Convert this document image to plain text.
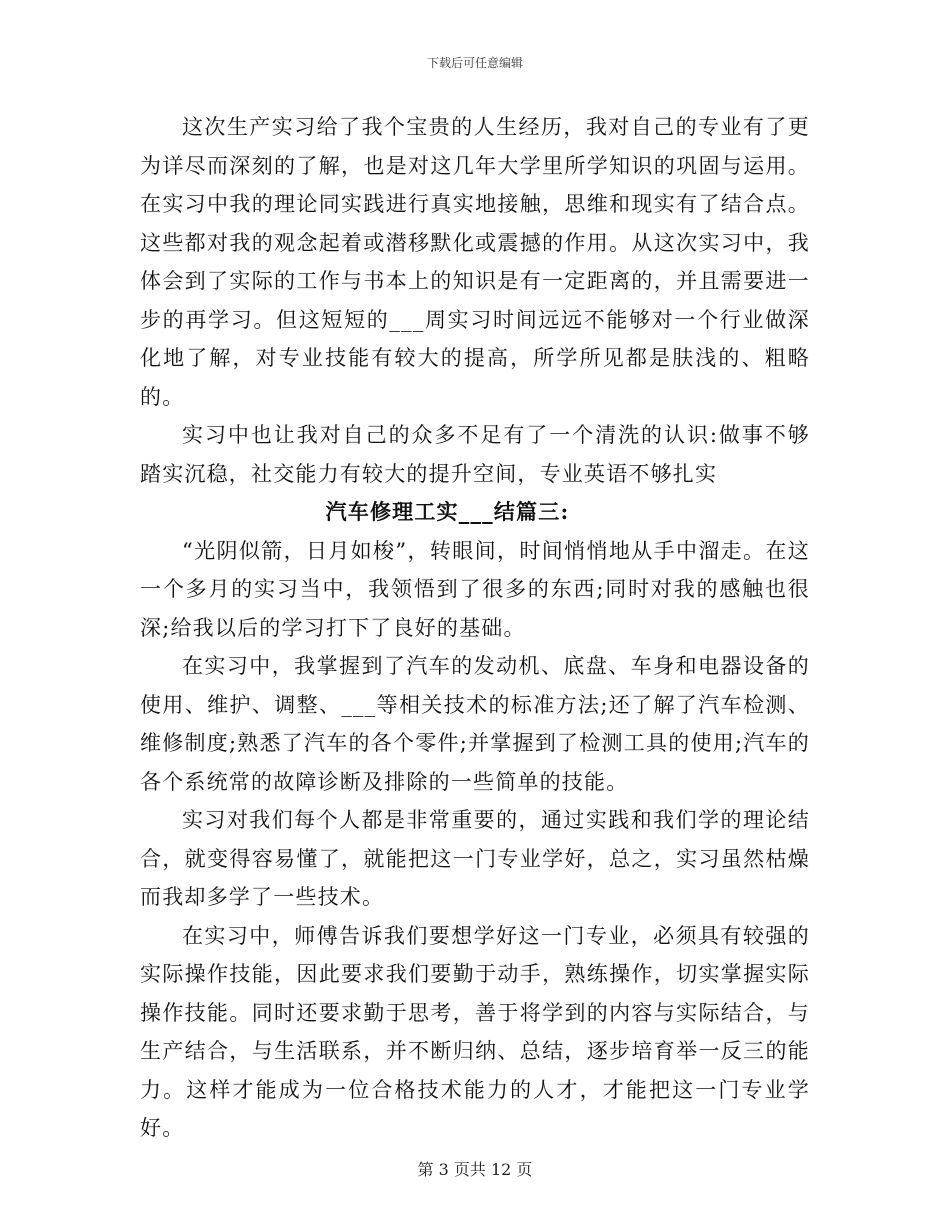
下载后可任意编辑

这次生产实习给了我个宝贵的人生经历，我对自己的专业有了更为详尽而深刻的了解，也是对这几年大学里所学知识的巩固与运用。在实习中我的理论同实践进行真实地接触，思维和现实有了结合点。这些都对我的观念起着或潜移默化或震撼的作用。从这次实习中，我体会到了实际的工作与书本上的知识是有一定距离的，并且需要进一步的再学习。但这短短的___周实习时间远远不能够对一个行业做深化地了解，对专业技能有较大的提高，所学所见都是肤浅的、粗略的。

实习中也让我对自己的众多不足有了一个清洗的认识:做事不够踏实沉稳，社交能力有较大的提升空间，专业英语不够扎实

汽车修理工实___结篇三:

“光阴似箭，日月如梭”，转眼间，时间悄悄地从手中溜走。在这一个多月的实习当中，我领悟到了很多的东西;同时对我的感触也很深;给我以后的学习打下了良好的基础。

在实习中，我掌握到了汽车的发动机、底盘、车身和电器设备的使用、维护、调整、___等相关技术的标准方法;还了解了汽车检测、维修制度;熟悉了汽车的各个零件;并掌握到了检测工具的使用;汽车的各个系统常的故障诊断及排除的一些简单的技能。

实习对我们每个人都是非常重要的，通过实践和我们学的理论结合，就变得容易懂了，就能把这一门专业学好，总之，实习虽然枯燥而我却多学了一些技术。

在实习中，师傅告诉我们要想学好这一门专业，必须具有较强的实际操作技能，因此要求我们要勤于动手，熟练操作，切实掌握实际操作技能。同时还要求勤于思考，善于将学到的内容与实际结合，与生产结合，与生活联系，并不断归纳、总结，逐步培育举一反三的能力。这样才能成为一位合格技术能力的人才，才能把这一门专业学好。

第 3 页共 12 页
